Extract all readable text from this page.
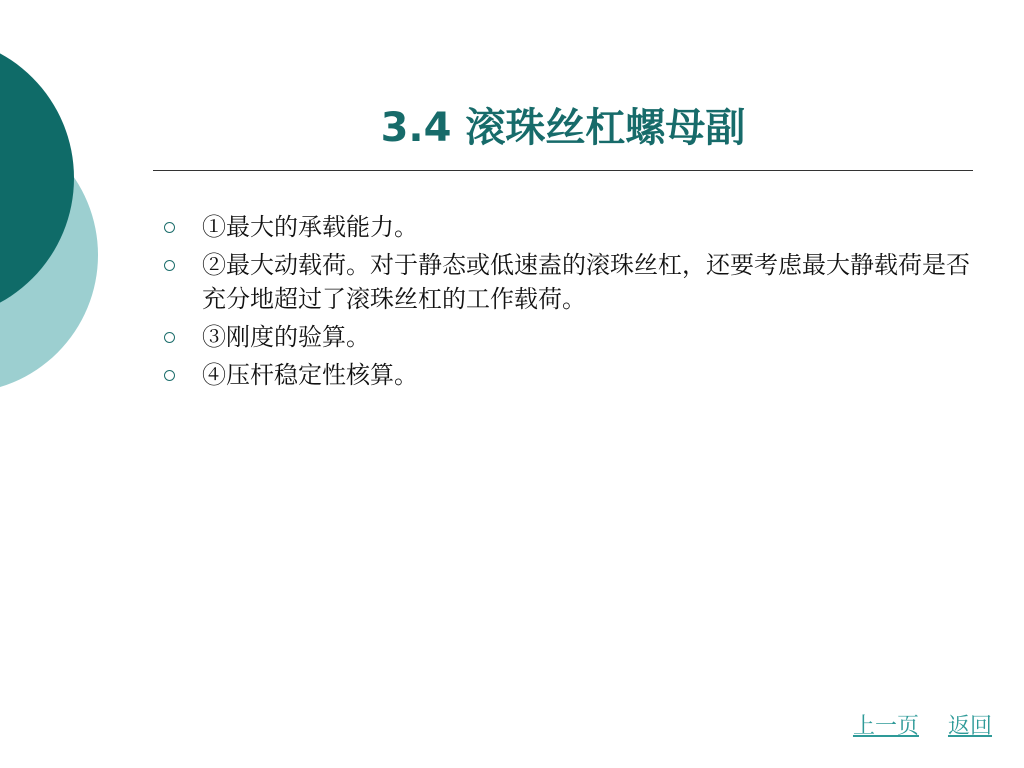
3.4 滚珠丝杠螺母副
①最大的承载能力。
②最大动载荷。对于静态或低速盍的滚珠丝杠，还要考虑最大静载荷是否充分地超过了滚珠丝杠的工作载荷。
③刚度的验算。
④压杆稳定性核算。
上一页 返回
